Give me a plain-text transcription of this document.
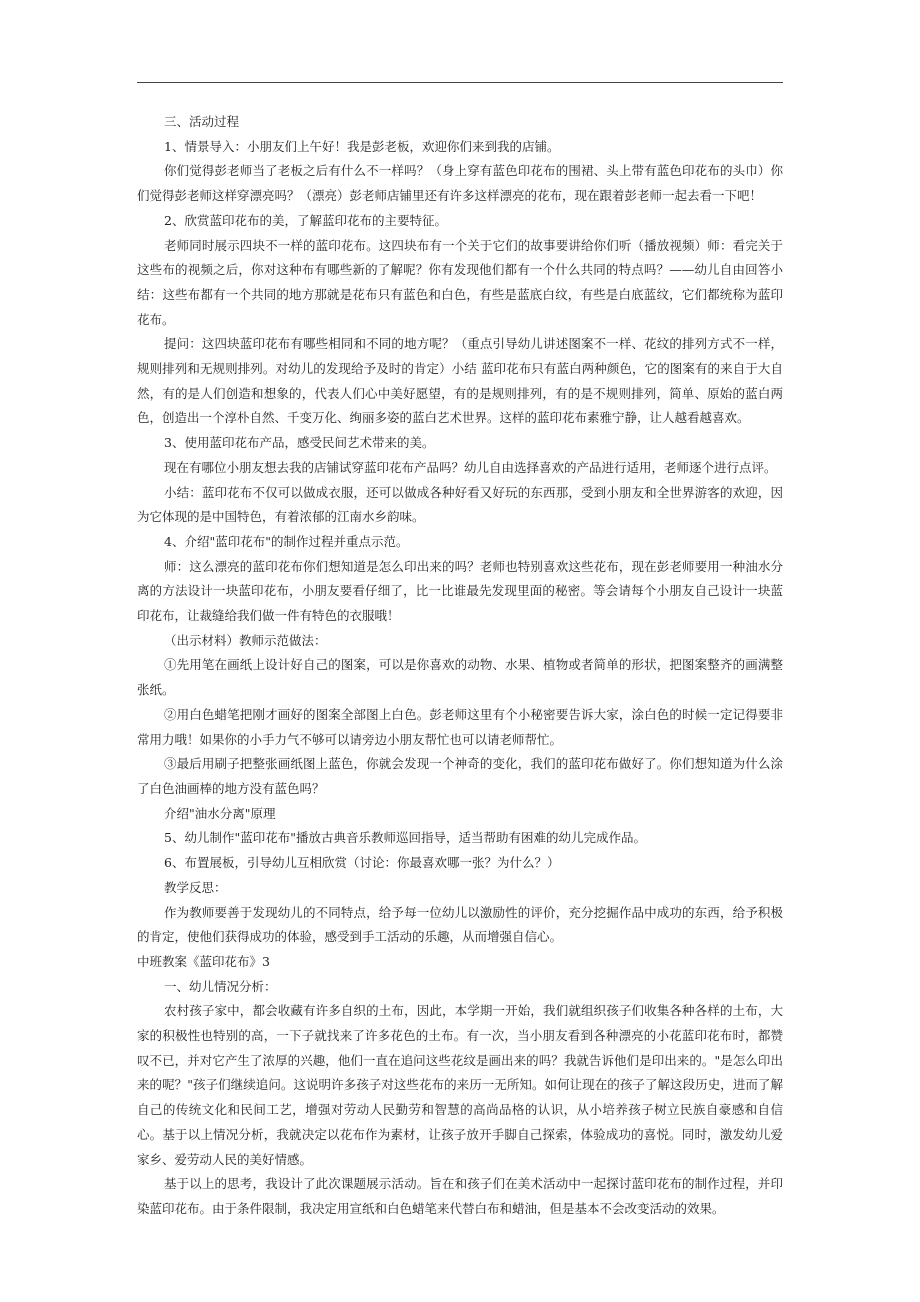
三、活动过程

1、情景导入：小朋友们上午好！我是彭老板，欢迎你们来到我的店铺。

你们觉得彭老师当了老板之后有什么不一样吗？（身上穿有蓝色印花布的围裙、头上带有蓝色印花布的头巾）你们觉得彭老师这样穿漂亮吗？（漂亮）彭老师店铺里还有许多这样漂亮的花布，现在跟着彭老师一起去看一下吧！

2、欣赏蓝印花布的美，了解蓝印花布的主要特征。

老师同时展示四块不一样的蓝印花布。这四块布有一个关于它们的故事要讲给你们听（播放视频）师：看完关于这些布的视频之后，你对这种布有哪些新的了解呢？你有发现他们都有一个什么共同的特点吗？——幼儿自由回答小结：这些布都有一个共同的地方那就是花布只有蓝色和白色，有些是蓝底白纹，有些是白底蓝纹，它们都统称为蓝印花布。

提问：这四块蓝印花布有哪些相同和不同的地方呢？（重点引导幼儿讲述图案不一样、花纹的排列方式不一样，规则排列和无规则排列。对幼儿的发现给予及时的肯定）小结 蓝印花布只有蓝白两种颜色，它的图案有的来自于大自然，有的是人们创造和想象的，代表人们心中美好愿望，有的是规则排列，有的是不规则排列，简单、原始的蓝白两色，创造出一个淳朴自然、千变万化、绚丽多姿的蓝白艺术世界。这样的蓝印花布素雅宁静，让人越看越喜欢。

3、使用蓝印花布产品，感受民间艺术带来的美。

现在有哪位小朋友想去我的店铺试穿蓝印花布产品吗？幼儿自由选择喜欢的产品进行适用，老师逐个进行点评。

小结：蓝印花布不仅可以做成衣服，还可以做成各种好看又好玩的东西那，受到小朋友和全世界游客的欢迎，因为它体现的是中国特色，有着浓郁的江南水乡韵味。

4、介绍"蓝印花布"的制作过程并重点示范。

师：这么漂亮的蓝印花布你们想知道是怎么印出来的吗？老师也特别喜欢这些花布，现在彭老师要用一种油水分离的方法设计一块蓝印花布，小朋友要看仔细了，比一比谁最先发现里面的秘密。等会请每个小朋友自己设计一块蓝印花布，让裁缝给我们做一件有特色的衣服哦！

（出示材料）教师示范做法：

①先用笔在画纸上设计好自己的图案，可以是你喜欢的动物、水果、植物或者简单的形状，把图案整齐的画满整张纸。

②用白色蜡笔把刚才画好的图案全部图上白色。彭老师这里有个小秘密要告诉大家，涂白色的时候一定记得要非常用力哦！如果你的小手力气不够可以请旁边小朋友帮忙也可以请老师帮忙。

③最后用刷子把整张画纸图上蓝色，你就会发现一个神奇的变化，我们的蓝印花布做好了。你们想知道为什么涂了白色油画棒的地方没有蓝色吗？

介绍"油水分离"原理

5、幼儿制作"蓝印花布"播放古典音乐教师巡回指导，适当帮助有困难的幼儿完成作品。

6、布置展板，引导幼儿互相欣赏（讨论：你最喜欢哪一张？为什么？）

教学反思：

作为教师要善于发现幼儿的不同特点，给予每一位幼儿以激励性的评价，充分挖掘作品中成功的东西，给予积极的肯定，使他们获得成功的体验，感受到手工活动的乐趣，从而增强自信心。

中班教案《蓝印花布》3

一、幼儿情况分析：

农村孩子家中，都会收藏有许多自织的土布，因此，本学期一开始，我们就组织孩子们收集各种各样的土布，大家的积极性也特别的高，一下子就找来了许多花色的土布。有一次，当小朋友看到各种漂亮的小花蓝印花布时，都赞叹不已，并对它产生了浓厚的兴趣，他们一直在追问这些花纹是画出来的吗？我就告诉他们是印出来的。"是怎么印出来的呢？"孩子们继续追问。这说明许多孩子对这些花布的来历一无所知。如何让现在的孩子了解这段历史，进而了解自己的传统文化和民间工艺，增强对劳动人民勤劳和智慧的高尚品格的认识，从小培养孩子树立民族自豪感和自信心。基于以上情况分析，我就决定以花布作为素材，让孩子放开手脚自己探索，体验成功的喜悦。同时，激发幼儿爱家乡、爱劳动人民的美好情感。

基于以上的思考，我设计了此次课题展示活动。旨在和孩子们在美术活动中一起探讨蓝印花布的制作过程，并印染蓝印花布。由于条件限制，我决定用宣纸和白色蜡笔来代替白布和蜡油，但是基本不会改变活动的效果。
